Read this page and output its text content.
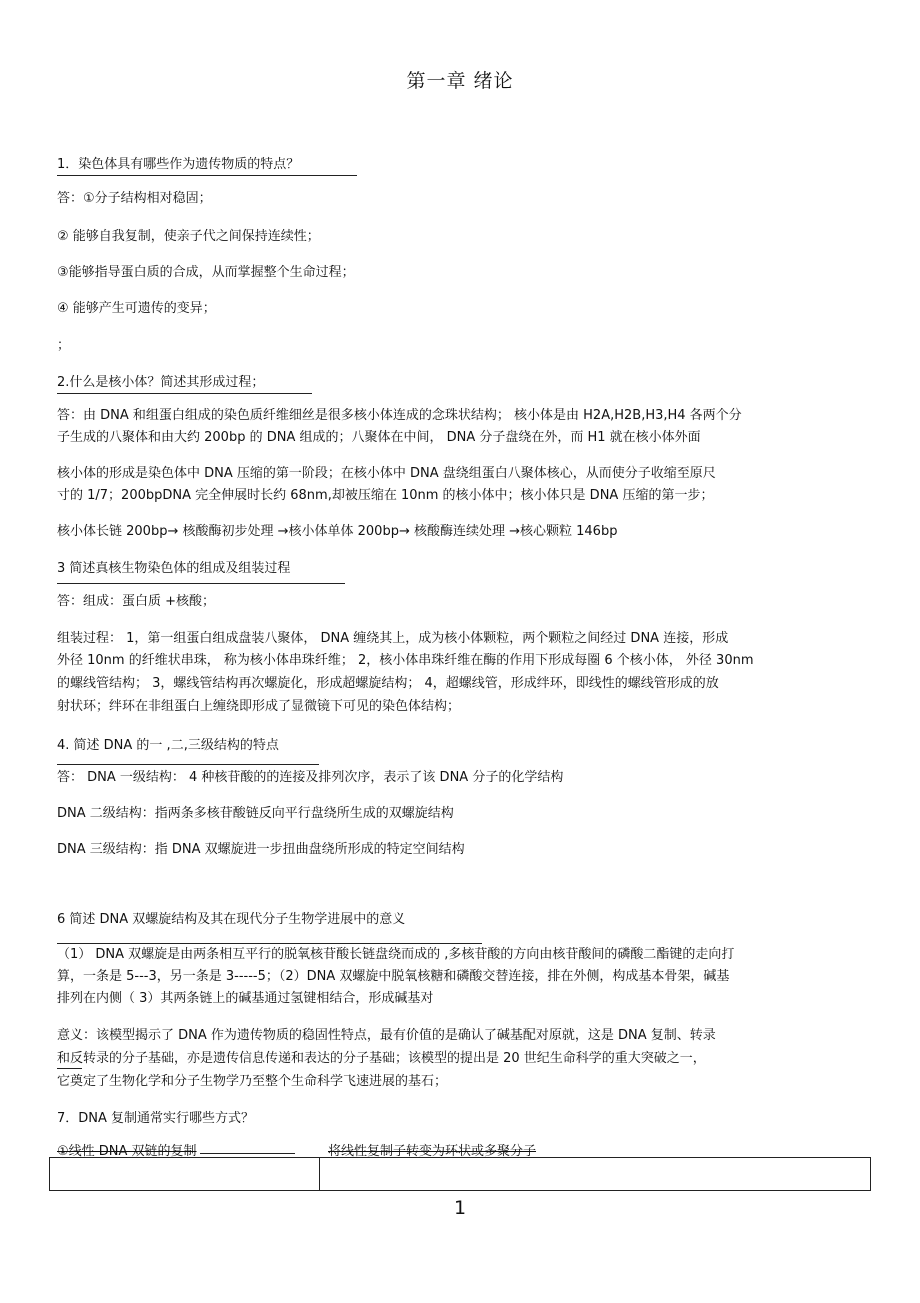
第一章 绪论
1．染色体具有哪些作为遗传物质的特点？
答：①分子结构相对稳固；
② 能够自我复制，使亲子代之间保持连续性；
③能够指导蛋白质的合成，从而掌握整个生命过程；
④ 能够产生可遗传的变异；
；
2.什么是核小体？简述其形成过程；
答：由 DNA 和组蛋白组成的染色质纤维细丝是很多核小体连成的念珠状结构； 核小体是由 H2A,H2B,H3,H4 各两个分
子生成的八聚体和由大约 200bp 的 DNA 组成的；八聚体在中间， DNA 分子盘绕在外，而 H1 就在核小体外面
核小体的形成是染色体中 DNA 压缩的第一阶段；在核小体中 DNA 盘绕组蛋白八聚体核心，从而使分子收缩至原尺
寸的 1/7；200bpDNA 完全伸展时长约 68nm,却被压缩在 10nm 的核小体中；核小体只是 DNA 压缩的第一步；
核小体长链 200bp→ 核酸酶初步处理 →核小体单体 200bp→ 核酸酶连续处理 →核心颗粒 146bp
3 简述真核生物染色体的组成及组装过程
答：组成：蛋白质 +核酸；
组装过程： 1，第一组蛋白组成盘装八聚体， DNA 缠绕其上，成为核小体颗粒，两个颗粒之间经过 DNA 连接，形成
外径 10nm 的纤维状串珠， 称为核小体串珠纤维； 2，核小体串珠纤维在酶的作用下形成每圈 6 个核小体， 外径 30nm
的螺线管结构； 3，螺线管结构再次螺旋化，形成超螺旋结构； 4，超螺线管，形成绊环，即线性的螺线管形成的放
射状环；绊环在非组蛋白上缠绕即形成了显微镜下可见的染色体结构；
4. 简述 DNA 的一 ,二,三级结构的特点
答： DNA 一级结构： 4 种核苷酸的的连接及排列次序，表示了该 DNA 分子的化学结构
DNA 二级结构：指两条多核苷酸链反向平行盘绕所生成的双螺旋结构
DNA 三级结构：指 DNA 双螺旋进一步扭曲盘绕所形成的特定空间结构
6 简述 DNA 双螺旋结构及其在现代分子生物学进展中的意义
（1） DNA 双螺旋是由两条相互平行的脱氧核苷酸长链盘绕而成的 ,多核苷酸的方向由核苷酸间的磷酸二酯键的走向打
算，一条是 5---3，另一条是 3-----5；（2）DNA 双螺旋中脱氧核糖和磷酸交替连接，排在外侧，构成基本骨架，碱基
排列在内侧（ 3）其两条链上的碱基通过氢键相结合，形成碱基对
意义：该模型揭示了 DNA 作为遗传物质的稳固性特点，最有价值的是确认了碱基配对原就，这是 DNA 复制、转录
和反转录的分子基础，亦是遗传信息传递和表达的分子基础；该模型的提出是 20 世纪生命科学的重大突破之一，
它奠定了生物化学和分子生物学乃至整个生命科学飞速进展的基石；
7．DNA 复制通常实行哪些方式？
①线性 DNA 双链的复制	将线性复制子转变为环状或多聚分子
1
